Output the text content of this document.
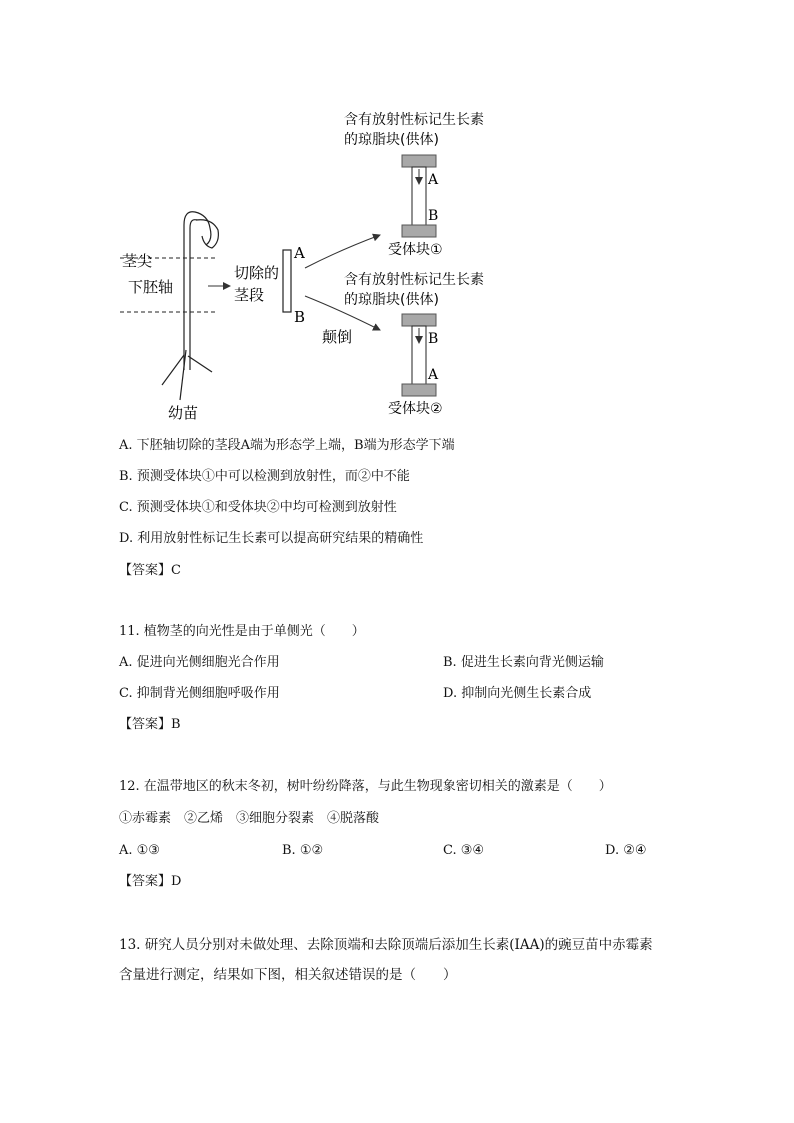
含有放射性标记生长素
的琼脂块(供体)
A
B
受体块①
含有放射性标记生长素
的琼脂块(供体)
B
A
受体块②
茎尖
下胚轴
切除的
茎段
A
B
颠倒
幼苗
A. 下胚轴切除的茎段A端为形态学上端，B端为形态学下端
B. 预测受体块①中可以检测到放射性，而②中不能
C. 预测受体块①和受体块②中均可检测到放射性
D. 利用放射性标记生长素可以提高研究结果的精确性
【答案】C
11. 植物茎的向光性是由于单侧光（　　）
A. 促进向光侧细胞光合作用	B. 促进生长素向背光侧运输
C. 抑制背光侧细胞呼吸作用	D. 抑制向光侧生长素合成
【答案】B
12. 在温带地区的秋末冬初，树叶纷纷降落，与此生物现象密切相关的激素是（　　）
①赤霉素　②乙烯　③细胞分裂素　④脱落酸
A. ①③	B. ①②	C. ③④	D. ②④
【答案】D
13. 研究人员分别对未做处理、去除顶端和去除顶端后添加生长素(IAA)的豌豆苗中赤霉素
含量进行测定，结果如下图，相关叙述错误的是（　　）
